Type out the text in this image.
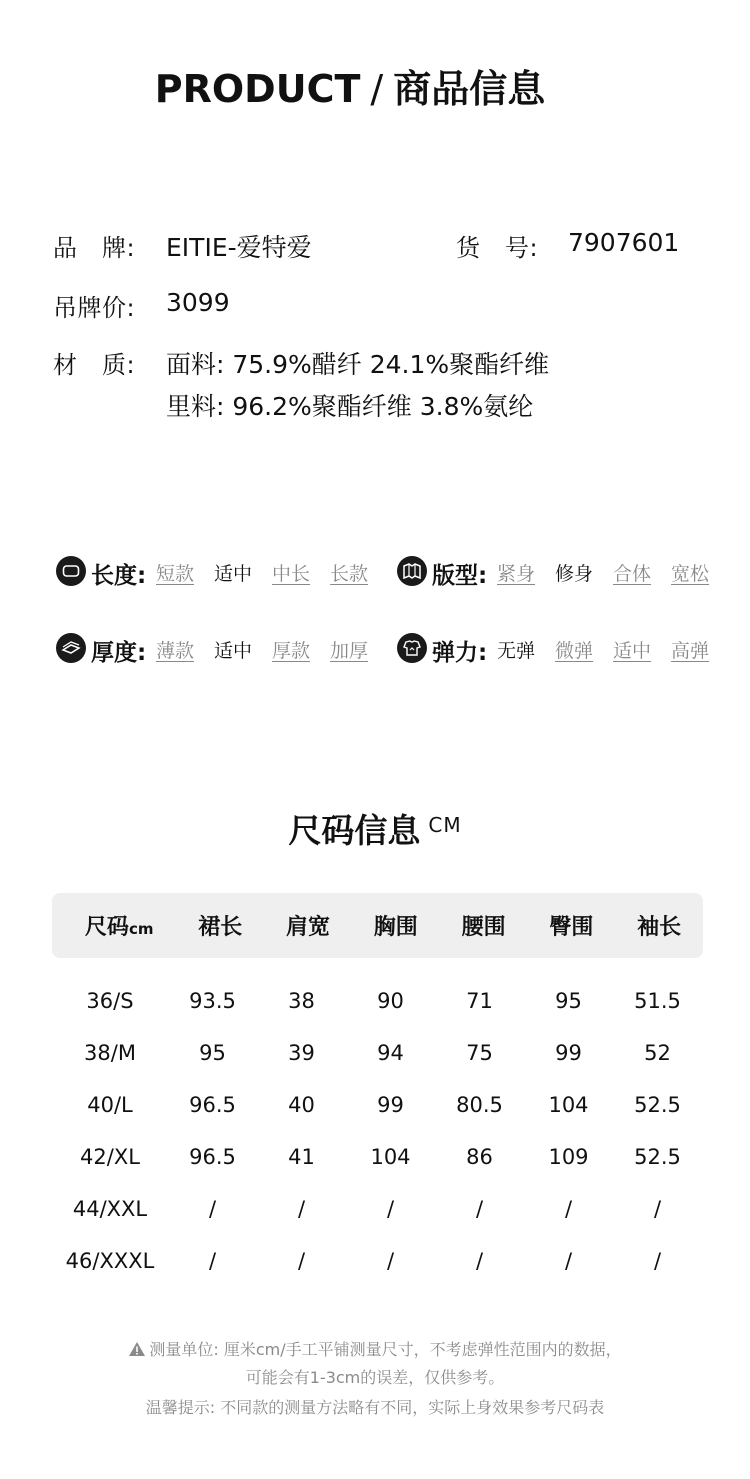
PRODUCT / 商品信息
品　牌: EITIE-爱特爱	货　号: 7907601
吊牌价: 3099
材　质: 面料: 75.9%醋纤 24.1%聚酯纤维
里料: 96.2%聚酯纤维 3.8%氨纶
长度: 短款 适中 中长 长款	版型: 紧身 修身 合体 宽松
厚度: 薄款 适中 厚款 加厚	弹力: 无弹 微弹 适中 高弹
尺码信息 $^{CM}$
尺码cm	裙长	肩宽	胸围	腰围	臀围	袖长
36/S	93.5	38	90	71	95	51.5
38/M	95	39	94	75	99	52
40/L	96.5	40	99	80.5	104	52.5
42/XL	96.5	41	104	86	109	52.5
44/XXL	/	/	/	/	/	/
46/XXXL	/	/	/	/	/	/
测量单位: 厘米cm/手工平铺测量尺寸，不考虑弹性范围内的数据，
可能会有1-3cm的误差，仅供参考。
温馨提示: 不同款的测量方法略有不同，实际上身效果参考尺码表
